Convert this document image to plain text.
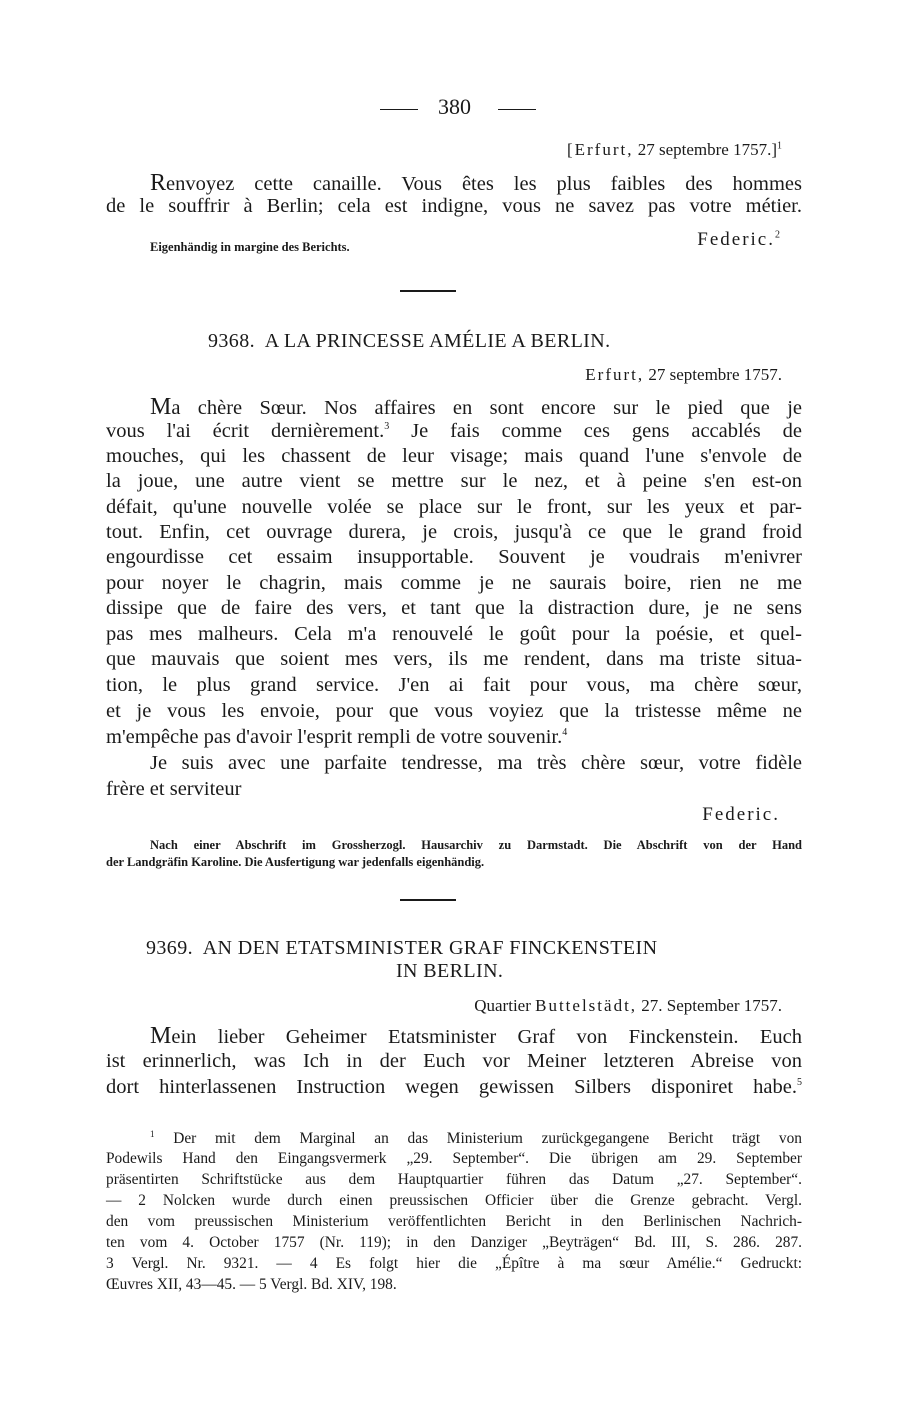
380
[Erfurt, 27 septembre 1757.]$^1$
Renvoyez cette canaille. Vous êtes les plus faibles des hommes
de le souffrir à Berlin; cela est indigne, vous ne savez pas votre métier.
Eigenhändig in margine des Berichts.	Federic.$^2$
9368.  A LA PRINCESSE AMÉLIE A BERLIN.
Erfurt, 27 septembre 1757.
Ma chère Sœur. Nos affaires en sont encore sur le pied que je
vous l'ai écrit dernièrement.$^3$ Je fais comme ces gens accablés de
mouches, qui les chassent de leur visage; mais quand l'une s'envole de
la joue, une autre vient se mettre sur le nez, et à peine s'en est-on
défait, qu'une nouvelle volée se place sur le front, sur les yeux et par-
tout. Enfin, cet ouvrage durera, je crois, jusqu'à ce que le grand froid
engourdisse cet essaim insupportable. Souvent je voudrais m'enivrer
pour noyer le chagrin, mais comme je ne saurais boire, rien ne me
dissipe que de faire des vers, et tant que la distraction dure, je ne sens
pas mes malheurs. Cela m'a renouvelé le goût pour la poésie, et quel-
que mauvais que soient mes vers, ils me rendent, dans ma triste situa-
tion, le plus grand service. J'en ai fait pour vous, ma chère sœur,
et je vous les envoie, pour que vous voyiez que la tristesse même ne
m'empêche pas d'avoir l'esprit rempli de votre souvenir.$^4$
Je suis avec une parfaite tendresse, ma très chère sœur, votre fidèle
frère et serviteur
Federic.
Nach einer Abschrift im Grossherzogl. Hausarchiv zu Darmstadt. Die Abschrift von der Hand
der Landgräfin Karoline. Die Ausfertigung war jedenfalls eigenhändig.
9369.  AN DEN ETATSMINISTER GRAF FINCKENSTEIN
IN BERLIN.
Quartier Buttelstädt, 27. September 1757.
Mein lieber Geheimer Etatsminister Graf von Finckenstein. Euch
ist erinnerlich, was Ich in der Euch vor Meiner letzteren Abreise von
dort hinterlassenen Instruction wegen gewissen Silbers disponiret habe.$^5$
$^1$ Der mit dem Marginal an das Ministerium zurückgegangene Bericht trägt von
Podewils Hand den Eingangsvermerk „29. September“. Die übrigen am 29. September
präsentirten Schriftstücke aus dem Hauptquartier führen das Datum „27. September“.
— 2 Nolcken wurde durch einen preussischen Officier über die Grenze gebracht. Vergl.
den vom preussischen Ministerium veröffentlichten Bericht in den Berlinischen Nachrich-
ten vom 4. October 1757 (Nr. 119); in den Danziger „Beyträgen“ Bd. III, S. 286. 287.
3 Vergl. Nr. 9321. — 4 Es folgt hier die „Épître à ma sœur Amélie.“ Gedruckt:
Œuvres XII, 43—45. — 5 Vergl. Bd. XIV, 198.
